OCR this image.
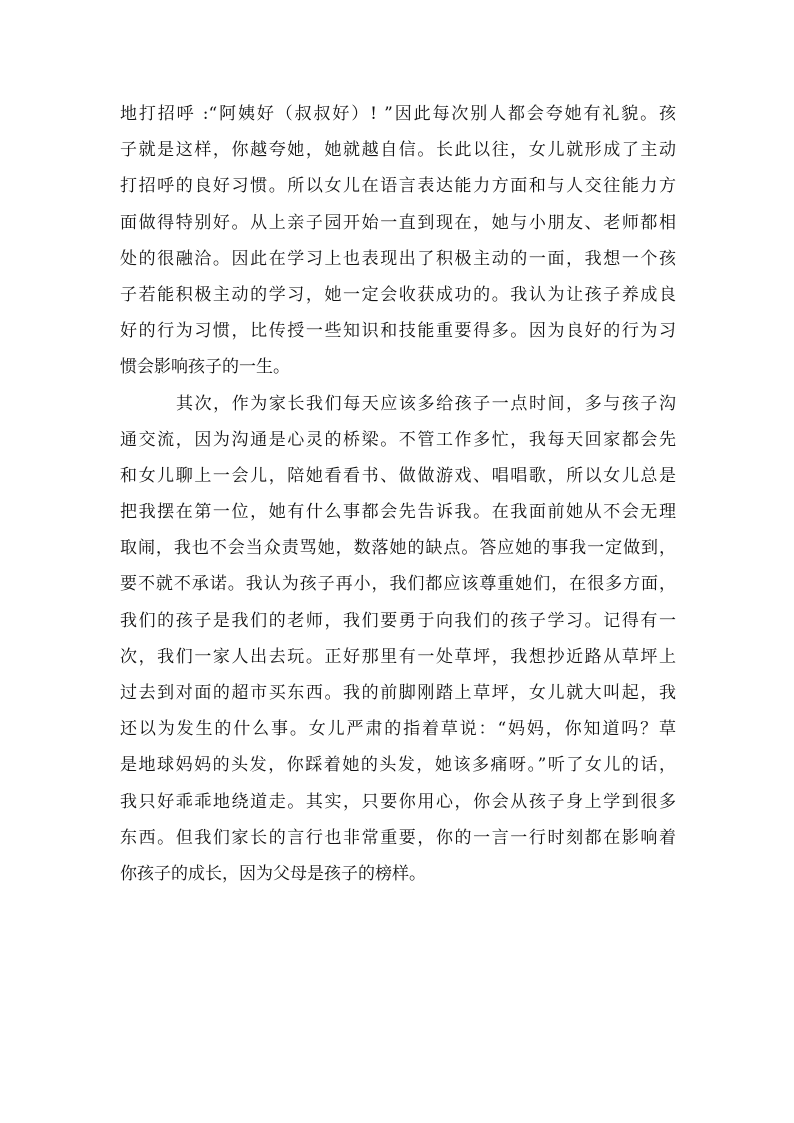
地打招呼 :“阿姨好（叔叔好）! ”因此每次别人都会夸她有礼貌。孩
子就是这样，你越夸她，她就越自信。长此以往，女儿就形成了主动
打招呼的良好习惯。所以女儿在语言表达能力方面和与人交往能力方
面做得特别好。从上亲子园开始一直到现在，她与小朋友、老师都相
处的很融洽。因此在学习上也表现出了积极主动的一面，我想一个孩
子若能积极主动的学习，她一定会收获成功的。我认为让孩子养成良
好的行为习惯，比传授一些知识和技能重要得多。因为良好的行为习
惯会影响孩子的一生。
其次，作为家长我们每天应该多给孩子一点时间，多与孩子沟
通交流，因为沟通是心灵的桥梁。不管工作多忙，我每天回家都会先
和女儿聊上一会儿，陪她看看书、做做游戏、唱唱歌，所以女儿总是
把我摆在第一位，她有什么事都会先告诉我。在我面前她从不会无理
取闹，我也不会当众责骂她，数落她的缺点。答应她的事我一定做到，
要不就不承诺。我认为孩子再小，我们都应该尊重她们，在很多方面，
我们的孩子是我们的老师，我们要勇于向我们的孩子学习。记得有一
次，我们一家人出去玩。正好那里有一处草坪，我想抄近路从草坪上
过去到对面的超市买东西。我的前脚刚踏上草坪，女儿就大叫起，我
还以为发生的什么事。女儿严肃的指着草说：“妈妈，你知道吗？草
是地球妈妈的头发，你踩着她的头发，她该多痛呀。”听了女儿的话，
我只好乖乖地绕道走。其实，只要你用心，你会从孩子身上学到很多
东西。但我们家长的言行也非常重要，你的一言一行时刻都在影响着
你孩子的成长，因为父母是孩子的榜样。
